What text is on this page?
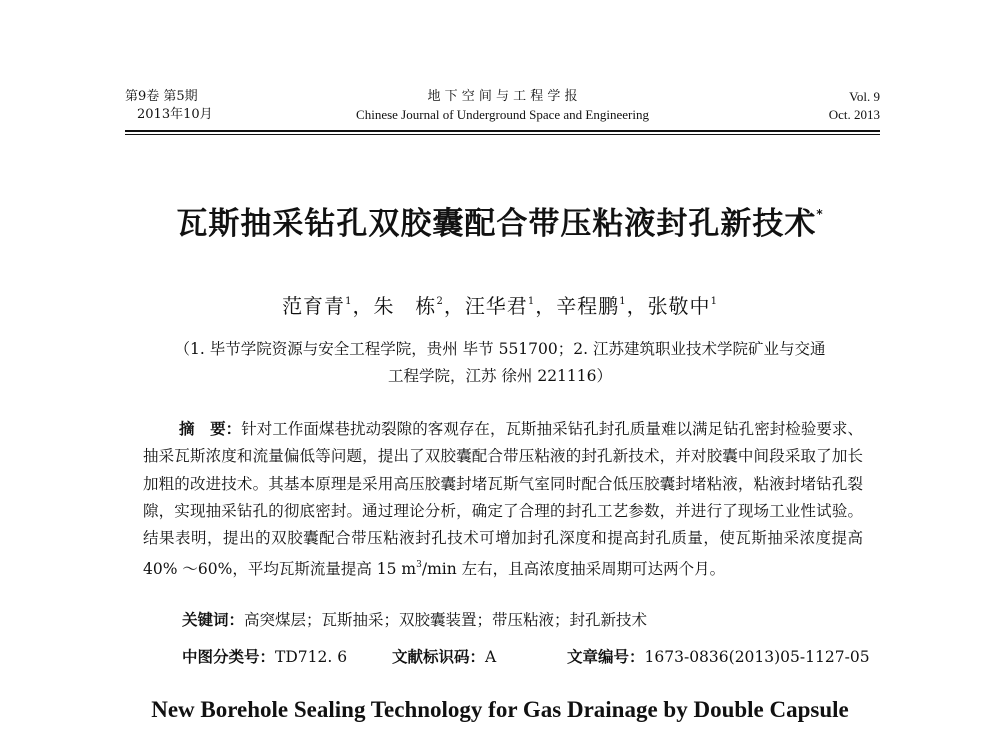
第9卷 第5期
2013年10月
地 下 空 间 与 工 程 学 报
Chinese Journal of Underground Space and Engineering
Vol. 9
Oct. 2013
瓦斯抽采钻孔双胶囊配合带压粘液封孔新技术*
范育青$^1$，朱　栋$^2$，汪华君$^1$，辛程鹏$^1$，张敬中$^1$
（1. 毕节学院资源与安全工程学院，贵州 毕节 551700；2. 江苏建筑职业技术学院矿业与交通
工程学院，江苏 徐州 221116）
摘　要：针对工作面煤巷扰动裂隙的客观存在，瓦斯抽采钻孔封孔质量难以满足钻孔密封检验要求、抽采瓦斯浓度和流量偏低等问题，提出了双胶囊配合带压粘液的封孔新技术，并对胶囊中间段采取了加长加粗的改进技术。其基本原理是采用高压胶囊封堵瓦斯气室同时配合低压胶囊封堵粘液，粘液封堵钻孔裂隙，实现抽采钻孔的彻底密封。通过理论分析，确定了合理的封孔工艺参数，并进行了现场工业性试验。结果表明，提出的双胶囊配合带压粘液封孔技术可增加封孔深度和提高封孔质量，使瓦斯抽采浓度提高 40% ～60%，平均瓦斯流量提高 15 $m^3/\min$ 左右，且高浓度抽采周期可达两个月。
关键词：高突煤层；瓦斯抽采；双胶囊装置；带压粘液；封孔新技术
中图分类号：TD712. 6	文献标识码：A	文章编号：1673-0836(2013)05-1127-05
New Borehole Sealing Technology for Gas Drainage by Double Capsule
